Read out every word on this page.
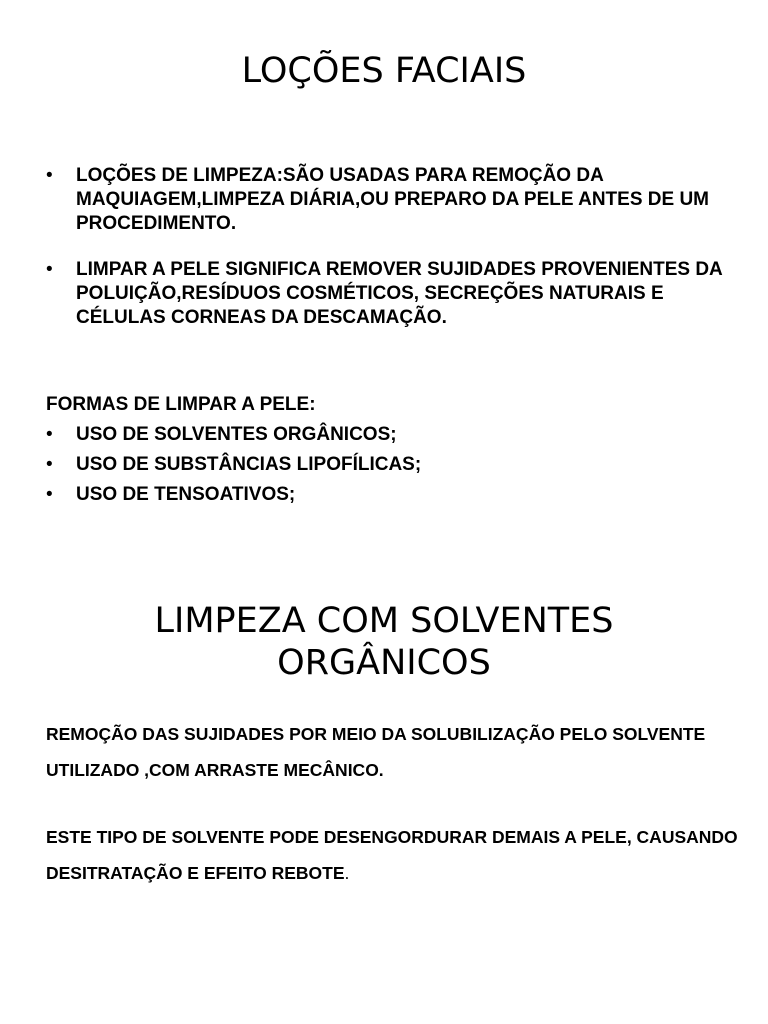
LOÇÕES FACIAIS
• LOÇÕES DE LIMPEZA:SÃO USADAS PARA REMOÇÃO DA MAQUIAGEM,LIMPEZA DIÁRIA,OU PREPARO DA PELE ANTES DE UM PROCEDIMENTO.
• LIMPAR A PELE SIGNIFICA REMOVER SUJIDADES PROVENIENTES DA POLUIÇÃO,RESÍDUOS COSMÉTICOS, SECREÇÕES NATURAIS E CÉLULAS CORNEAS DA DESCAMAÇÃO.

FORMAS DE LIMPAR A PELE:

• USO DE SOLVENTES ORGÂNICOS;
• USO DE SUBSTÂNCIAS LIPOFÍLICAS;
• USO DE TENSOATIVOS;
LIMPEZA COM SOLVENTES
ORGÂNICOS

REMOÇÃO DAS SUJIDADES POR MEIO DA SOLUBILIZAÇÃO PELO SOLVENTE UTILIZADO ,COM ARRASTE MECÂNICO.

ESTE TIPO DE SOLVENTE PODE DESENGORDURAR DEMAIS A PELE, CAUSANDO DESITRATAÇÃO E EFEITO REBOTE.
